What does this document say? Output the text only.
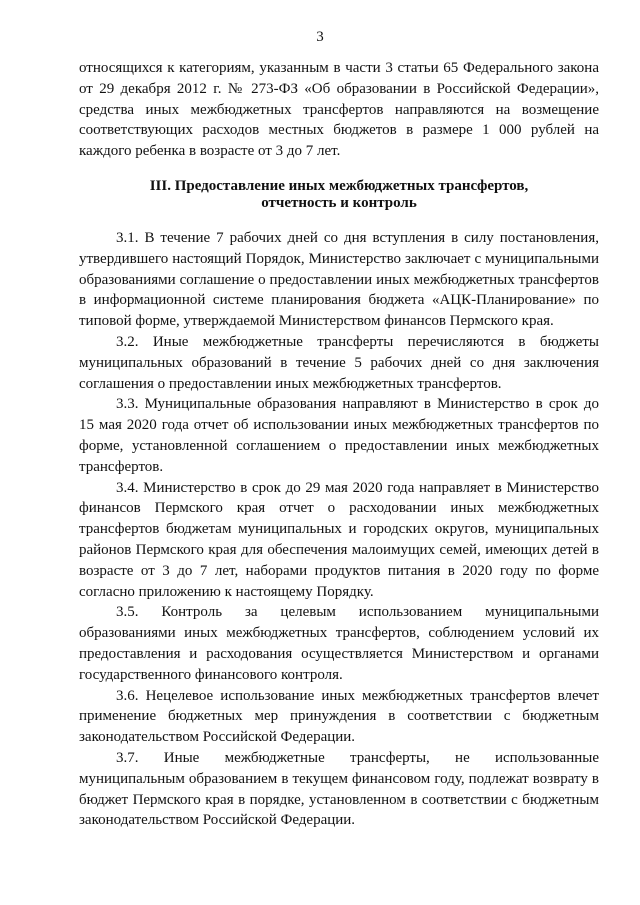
3

относящихся к категориям, указанным в части 3 статьи 65 Федерального закона от 29 декабря 2012 г. № 273-ФЗ «Об образовании в Российской Федерации», средства иных межбюджетных трансфертов направляются на возмещение соответствующих расходов местных бюджетов в размере 1 000 рублей на каждого ребенка в возрасте от 3 до 7 лет.

III. Предоставление иных межбюджетных трансфертов,
отчетность и контроль

3.1. В течение 7 рабочих дней со дня вступления в силу постановления, утвердившего настоящий Порядок, Министерство заключает с муниципальными образованиями соглашение о предоставлении иных межбюджетных трансфертов в информационной системе планирования бюджета «АЦК-Планирование» по типовой форме, утверждаемой Министерством финансов Пермского края.

3.2. Иные межбюджетные трансферты перечисляются в бюджеты муниципальных образований в течение 5 рабочих дней со дня заключения соглашения о предоставлении иных межбюджетных трансфертов.

3.3. Муниципальные образования направляют в Министерство в срок до 15 мая 2020 года отчет об использовании иных межбюджетных трансфертов по форме, установленной соглашением о предоставлении иных межбюджетных трансфертов.

3.4. Министерство в срок до 29 мая 2020 года направляет в Министерство финансов Пермского края отчет о расходовании иных межбюджетных трансфертов бюджетам муниципальных и городских округов, муниципальных районов Пермского края для обеспечения малоимущих семей, имеющих детей в возрасте от 3 до 7 лет, наборами продуктов питания в 2020 году по форме согласно приложению к настоящему Порядку.

3.5. Контроль за целевым использованием муниципальными образованиями иных межбюджетных трансфертов, соблюдением условий их предоставления и расходования осуществляется Министерством и органами государственного финансового контроля.

3.6. Нецелевое использование иных межбюджетных трансфертов влечет применение бюджетных мер принуждения в соответствии с бюджетным законодательством Российской Федерации.

3.7. Иные межбюджетные трансферты, не использованные муниципальным образованием в текущем финансовом году, подлежат возврату в бюджет Пермского края в порядке, установленном в соответствии с бюджетным законодательством Российской Федерации.
